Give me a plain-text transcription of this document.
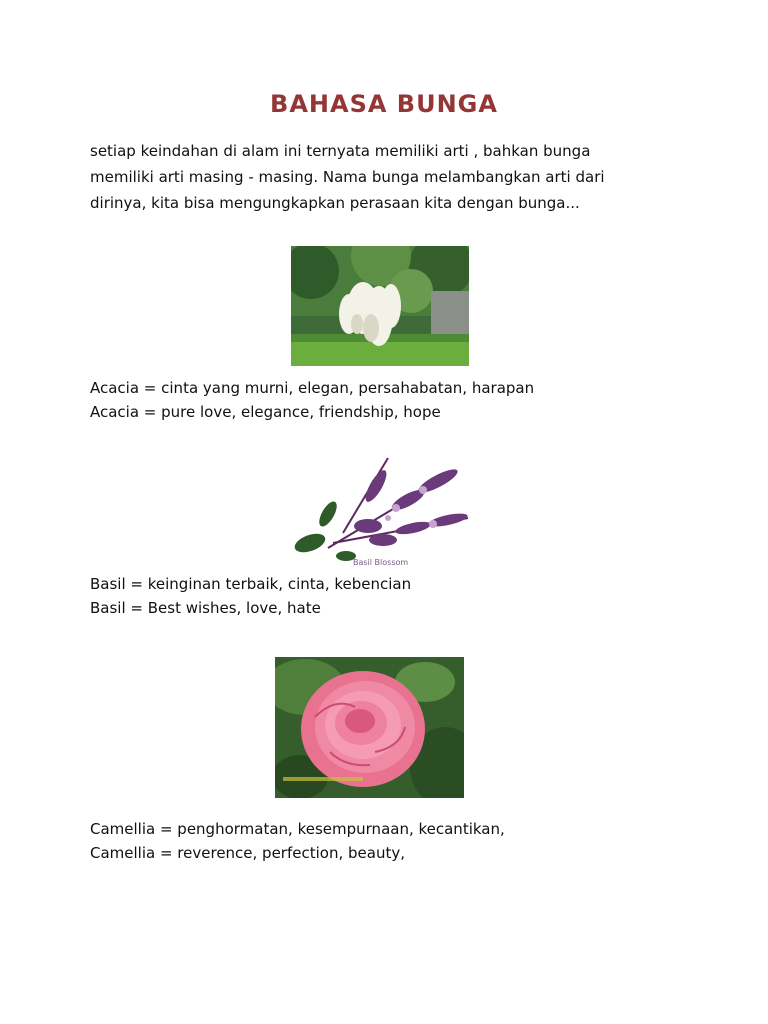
BAHASA BUNGA

setiap keindahan di alam ini ternyata memiliki arti , bahkan bunga
memiliki arti masing - masing. Nama bunga melambangkan arti dari
dirinya, kita bisa mengungkapkan perasaan kita dengan bunga...

Acacia = cinta yang murni, elegan, persahabatan, harapan
Acacia = pure love, elegance, friendship, hope

Basil Blossom

Basil = keinginan terbaik, cinta, kebencian
Basil = Best wishes, love, hate

Camellia = penghormatan, kesempurnaan, kecantikan,
Camellia = reverence, perfection, beauty,
